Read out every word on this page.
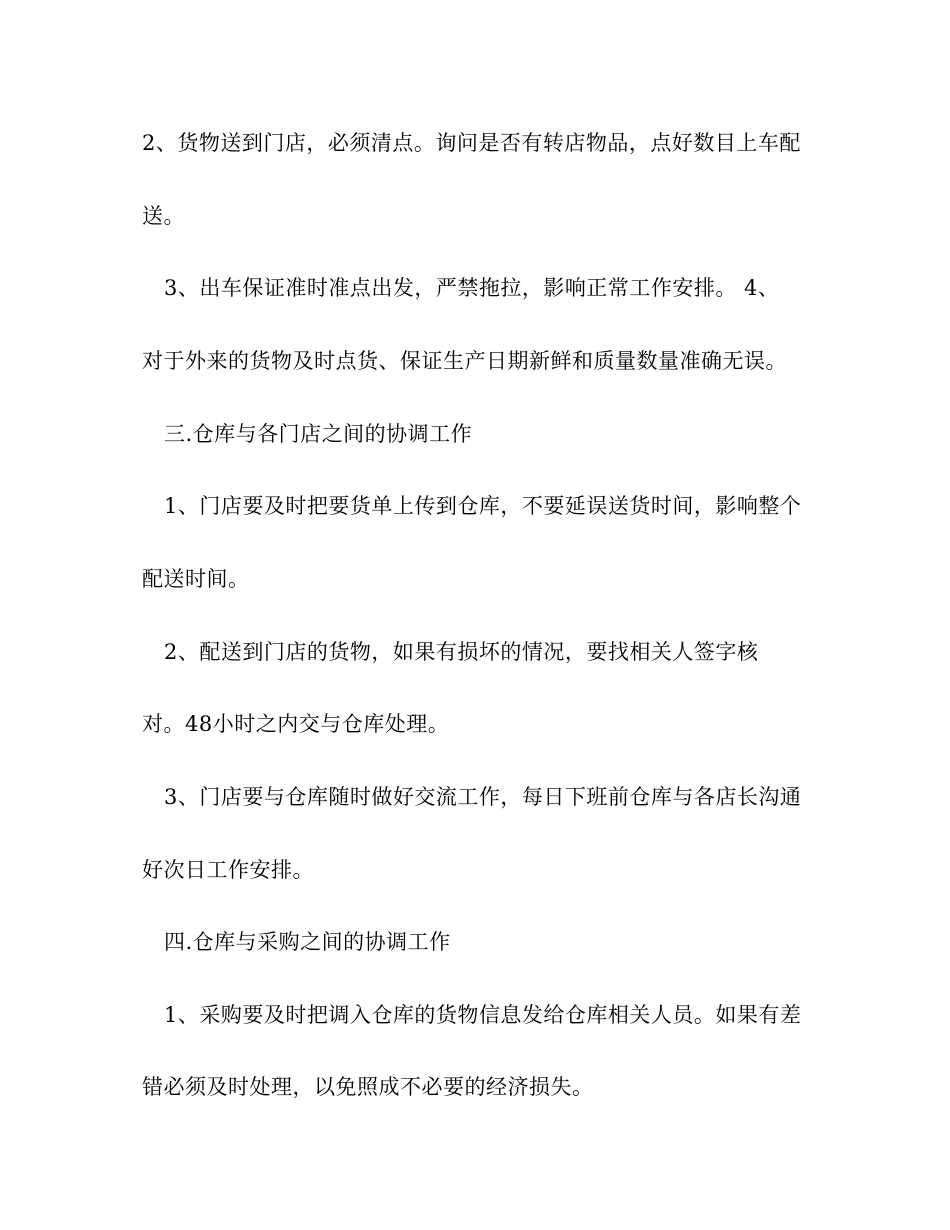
2、货物送到门店，必须清点。询问是否有转店物品，点好数目上车配
送。
3、出车保证准时准点出发，严禁拖拉，影响正常工作安排。 4、
对于外来的货物及时点货、保证生产日期新鲜和质量数量准确无误。
三.仓库与各门店之间的协调工作
1、门店要及时把要货单上传到仓库，不要延误送货时间，影响整个
配送时间。
2、配送到门店的货物，如果有损坏的情况，要找相关人签字核
对。48小时之内交与仓库处理。
3、门店要与仓库随时做好交流工作，每日下班前仓库与各店长沟通
好次日工作安排。
四.仓库与采购之间的协调工作
1、采购要及时把调入仓库的货物信息发给仓库相关人员。如果有差
错必须及时处理，以免照成不必要的经济损失。
